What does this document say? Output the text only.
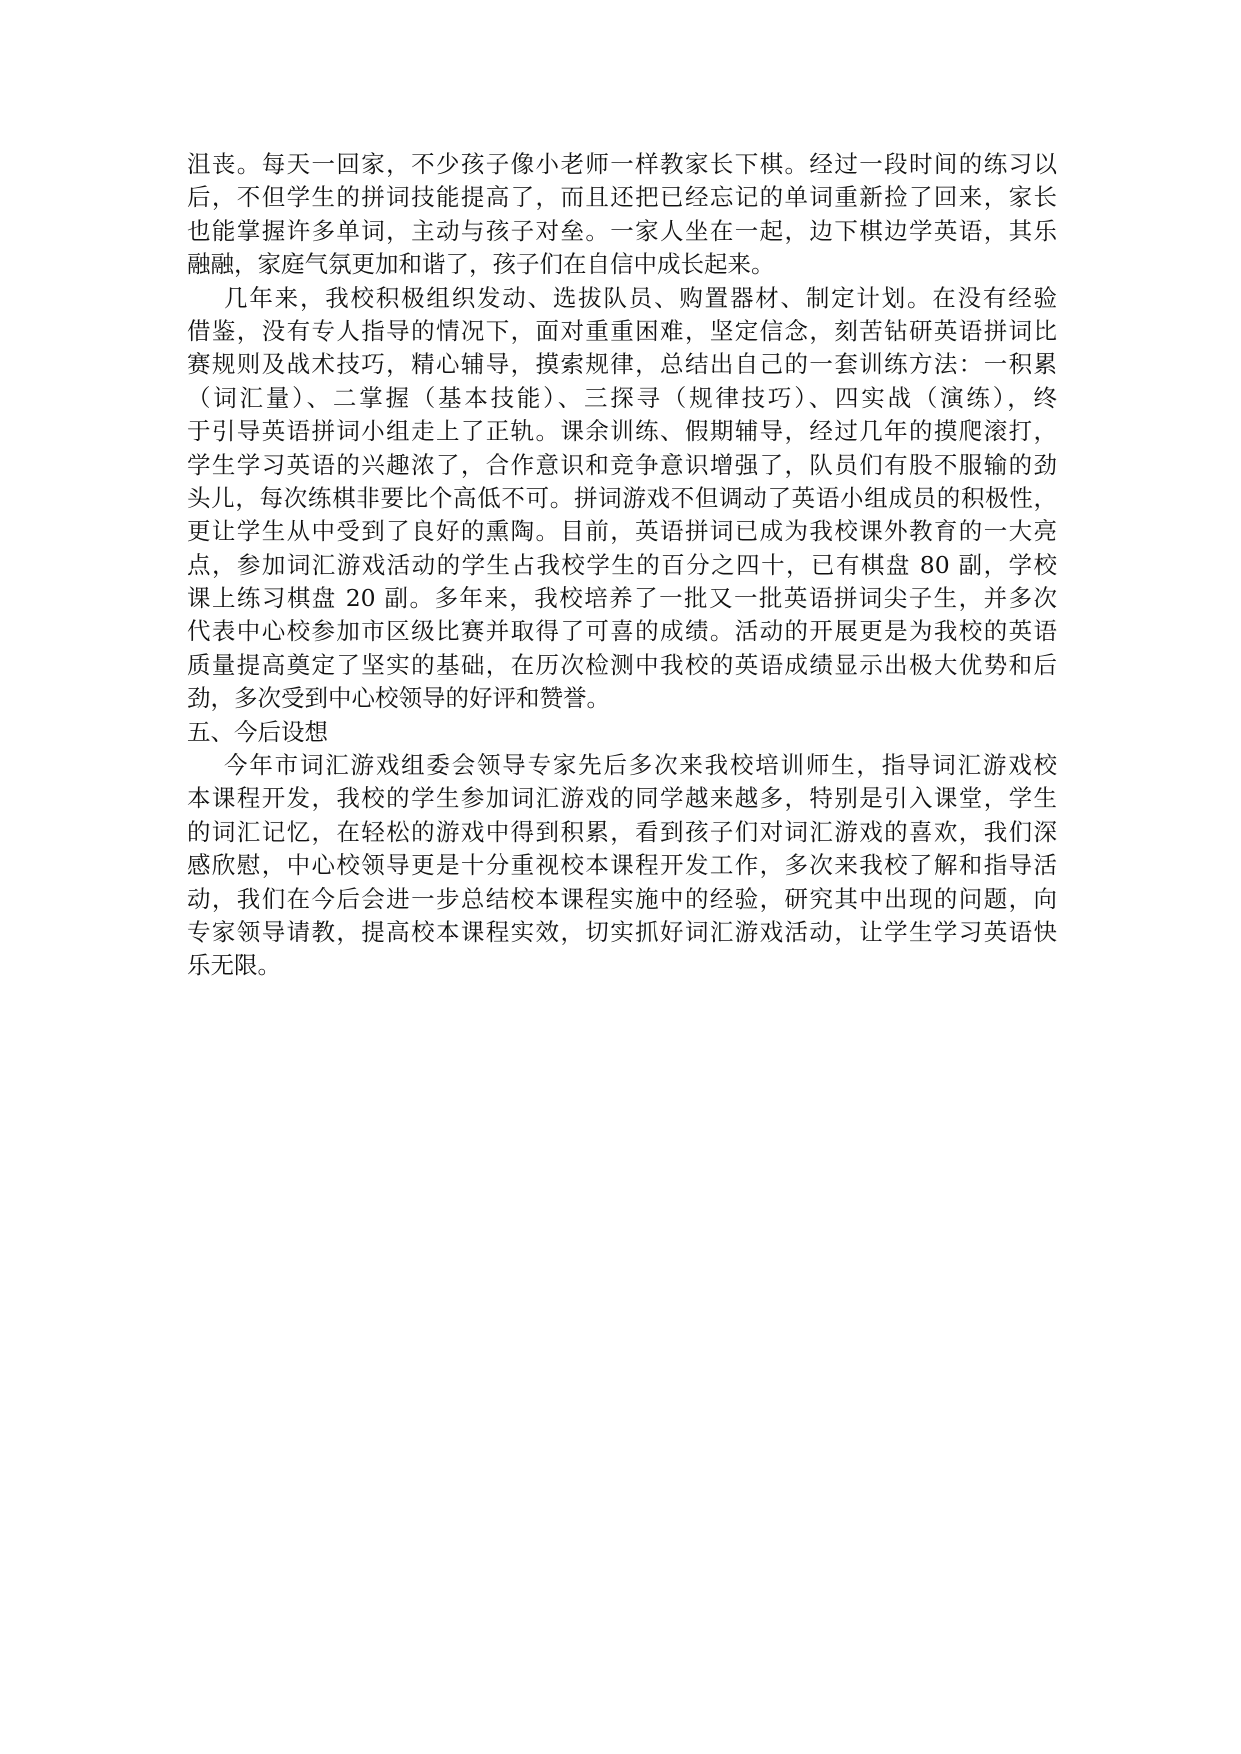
沮丧。每天一回家，不少孩子像小老师一样教家长下棋。经过一段时间的练习以
后，不但学生的拼词技能提高了，而且还把已经忘记的单词重新捡了回来，家长
也能掌握许多单词，主动与孩子对垒。一家人坐在一起，边下棋边学英语，其乐
融融，家庭气氛更加和谐了，孩子们在自信中成长起来。
几年来，我校积极组织发动、选拔队员、购置器材、制定计划。在没有经验
借鉴，没有专人指导的情况下，面对重重困难，坚定信念，刻苦钻研英语拼词比
赛规则及战术技巧，精心辅导，摸索规律，总结出自己的一套训练方法：一积累
（词汇量）、二掌握（基本技能）、三探寻（规律技巧）、四实战（演练），终
于引导英语拼词小组走上了正轨。课余训练、假期辅导，经过几年的摸爬滚打，
学生学习英语的兴趣浓了，合作意识和竞争意识增强了，队员们有股不服输的劲
头儿，每次练棋非要比个高低不可。拼词游戏不但调动了英语小组成员的积极性，
更让学生从中受到了良好的熏陶。目前，英语拼词已成为我校课外教育的一大亮
点，参加词汇游戏活动的学生占我校学生的百分之四十，已有棋盘 80 副，学校
课上练习棋盘 20 副。多年来，我校培养了一批又一批英语拼词尖子生，并多次
代表中心校参加市区级比赛并取得了可喜的成绩。活动的开展更是为我校的英语
质量提高奠定了坚实的基础，在历次检测中我校的英语成绩显示出极大优势和后
劲，多次受到中心校领导的好评和赞誉。
五、今后设想
今年市词汇游戏组委会领导专家先后多次来我校培训师生，指导词汇游戏校
本课程开发，我校的学生参加词汇游戏的同学越来越多，特别是引入课堂，学生
的词汇记忆，在轻松的游戏中得到积累，看到孩子们对词汇游戏的喜欢，我们深
感欣慰，中心校领导更是十分重视校本课程开发工作，多次来我校了解和指导活
动，我们在今后会进一步总结校本课程实施中的经验，研究其中出现的问题，向
专家领导请教，提高校本课程实效，切实抓好词汇游戏活动，让学生学习英语快
乐无限。
